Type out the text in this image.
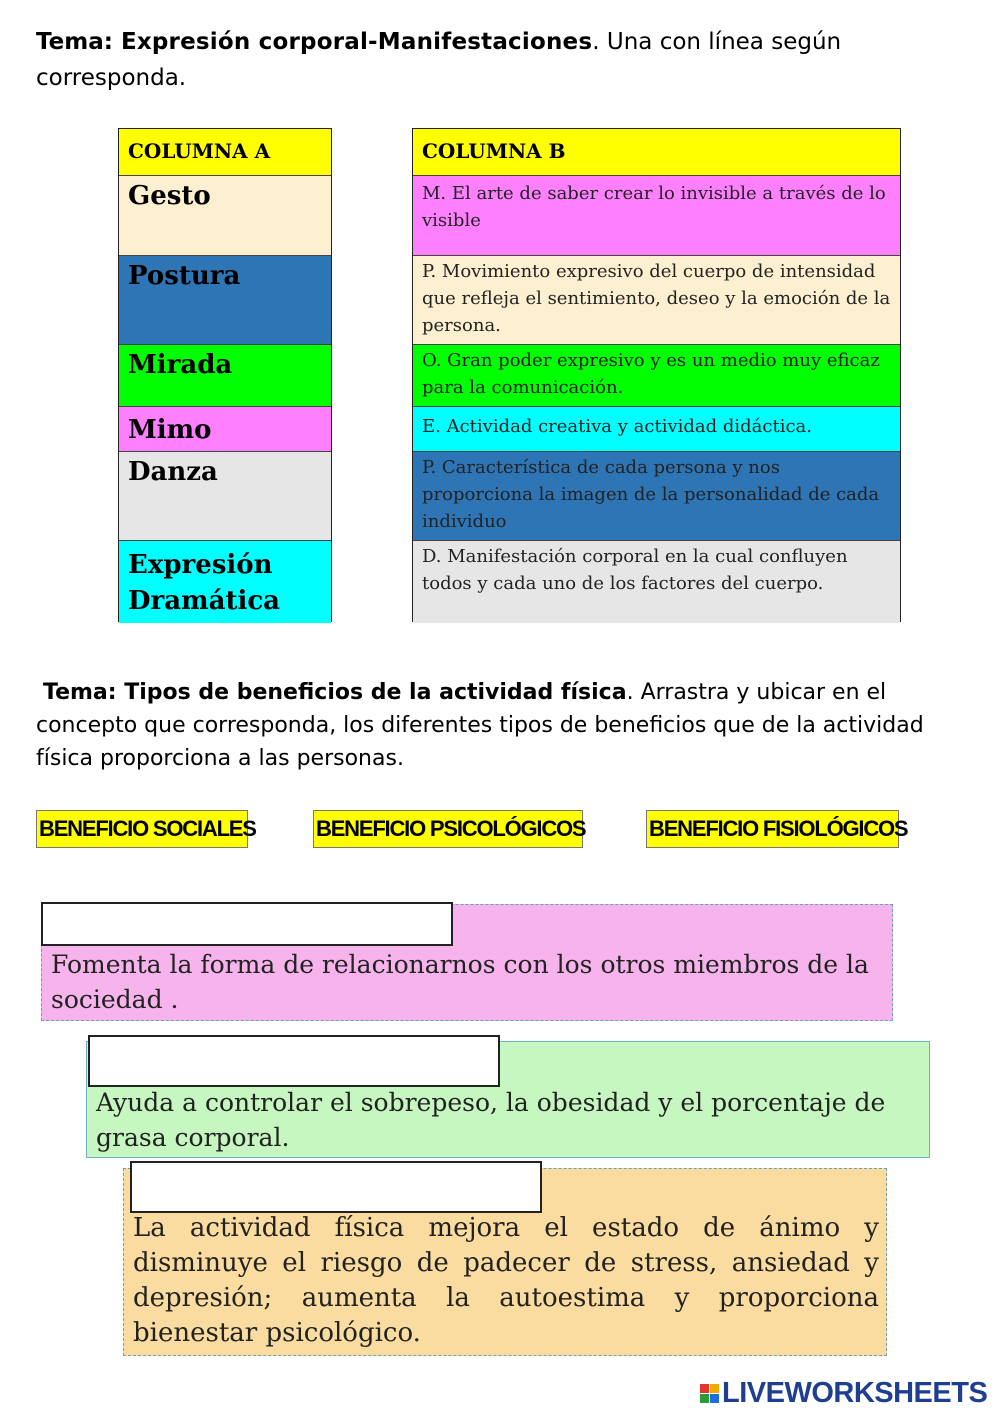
Tema: Expresión corporal-Manifestaciones. Una con línea según corresponda.
COLUMNA A
Gesto
Postura
Mirada
Mimo
Danza
Expresión Dramática
COLUMNA B
M. El arte de saber crear lo invisible a través de lo visible
P. Movimiento expresivo del cuerpo de intensidad que refleja el sentimiento, deseo y la emoción de la persona.
O. Gran poder expresivo y es un medio muy eficaz para la comunicación.
E. Actividad creativa y actividad didáctica.
P. Característica de cada persona y nos proporciona la imagen de la personalidad de cada individuo
D. Manifestación corporal en la cual confluyen todos y cada uno de los factores del cuerpo.
Tema: Tipos de beneficios de la actividad física. Arrastra y ubicar en el concepto que corresponda, los diferentes tipos de beneficios que de la actividad física proporciona a las personas.
BENEFICIO SOCIALES	BENEFICIO PSICOLÓGICOS	BENEFICIO FISIOLÓGICOS
Fomenta la forma de relacionarnos con los otros miembros de la sociedad .
Ayuda a controlar el sobrepeso, la obesidad y el porcentaje de grasa corporal.
La actividad física mejora el estado de ánimo y disminuye el riesgo de padecer de stress, ansiedad y depresión; aumenta la autoestima y proporciona bienestar psicológico.
LIVEWORKSHEETS
